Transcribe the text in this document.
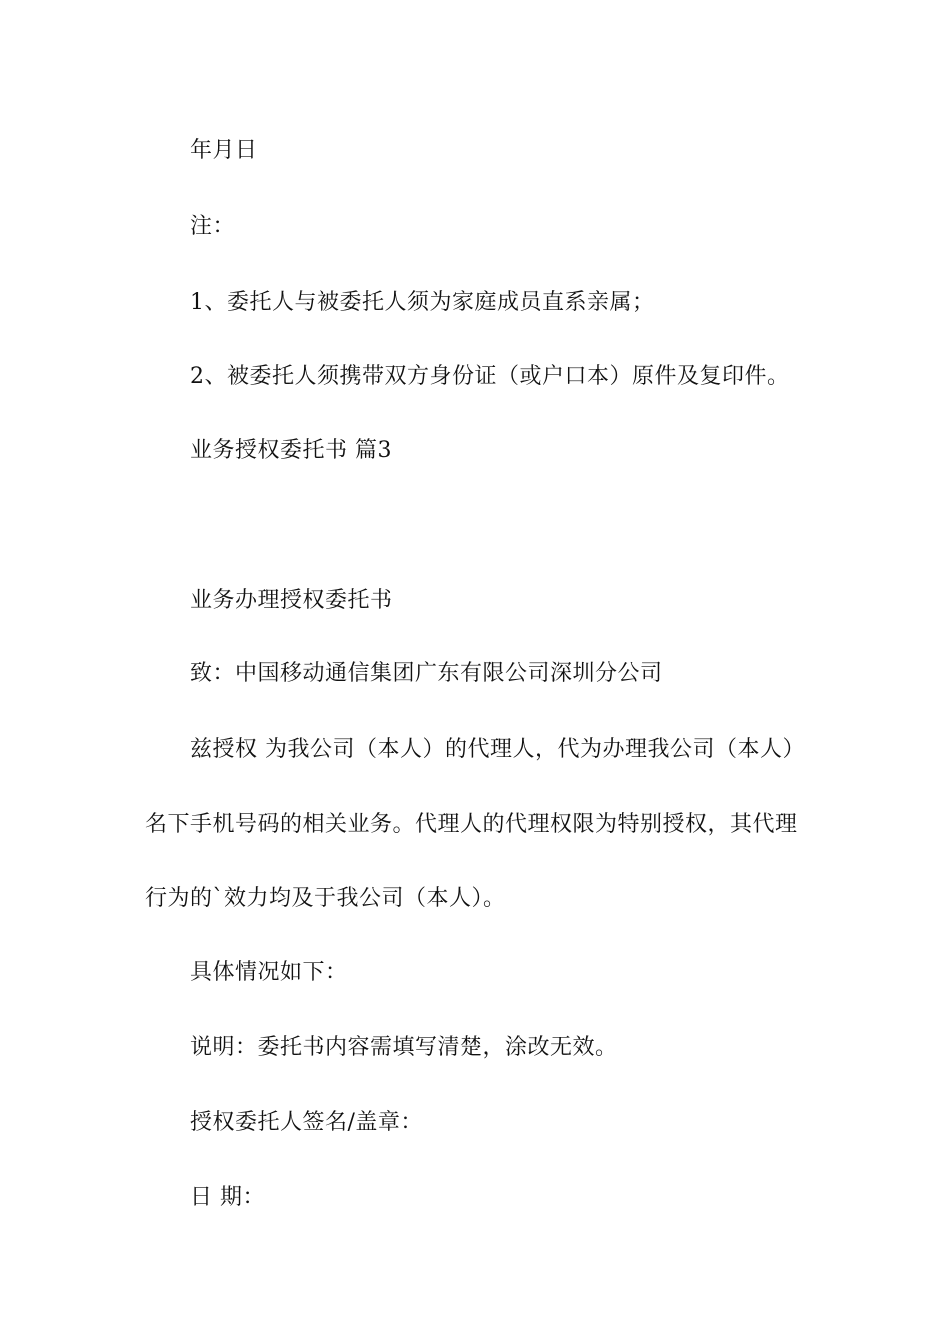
年月日
注：
1、委托人与被委托人须为家庭成员直系亲属；
2、被委托人须携带双方身份证（或户口本）原件及复印件。
业务授权委托书 篇3
业务办理授权委托书
致：中国移动通信集团广东有限公司深圳分公司
兹授权 为我公司（本人）的代理人，代为办理我公司（本人）
名下手机号码的相关业务。代理人的代理权限为特别授权，其代理
行为的`效力均及于我公司（本人）。
具体情况如下：
说明：委托书内容需填写清楚，涂改无效。
授权委托人签名/盖章：
日 期：
